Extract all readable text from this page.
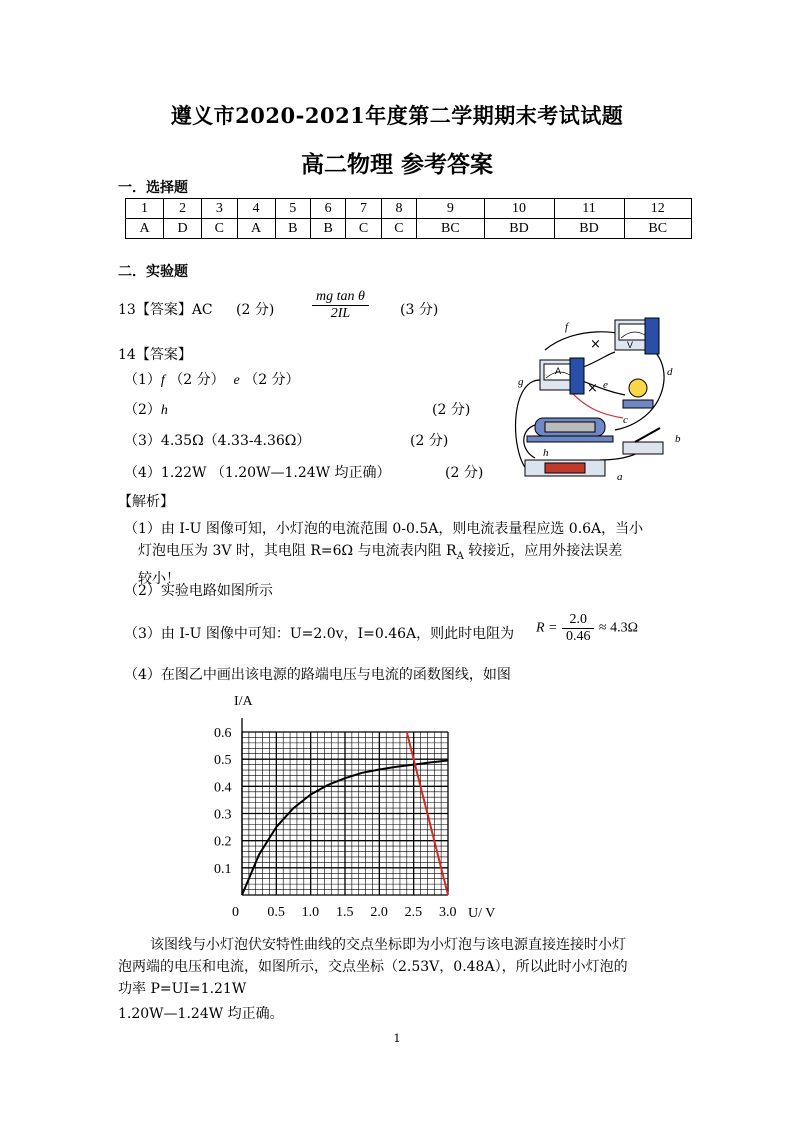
遵义市2020-2021年度第二学期期末考试试题
高二物理 参考答案
一．选择题
1	2	3	4	5	6	7	8	9	10	11	12
A	D	C	A	B	B	C	C	BC	BD	BD	BC
二．实验题
13【答案】AC (2 分)	$\frac{\text{mg tan θ}}{2IL} (3$ 分)
14【答案】
（1）f （2 分） e （2 分）
（2）h	(2 分)
（3）4.35Ω（4.33-4.36Ω）	(2 分)
（4）1.22W （1.20W—1.24W 均正确）	(2 分)
V
A
f
g
d
e
c
h
b
a
×
×
【解析】
（1）由 I-U 图像可知，小灯泡的电流范围 0-0.5A，则电流表量程应选 0.6A，当小
灯泡电压为 3V 时，其电阻 R=6Ω 与电流表内阻 $R_A$ 较接近，应用外接法误差
较小！
（2）实验电路如图所示
（3）由 I-U 图像中可知：U=2.0v，I=0.46A，则此时电阻为 $R = \frac{2.0}{0.46} \approx 4.3\Omega$
（4）在图乙中画出该电源的路端电压与电流的函数图线，如图
0 0.5 1.0 1.5 2.0 2.5 3.0
0.1
0.2
0.3
0.4
0.5
0.6
I/A
U/ V
该图线与小灯泡伏安特性曲线的交点坐标即为小灯泡与该电源直接连接时小灯
泡两端的电压和电流，如图所示，交点坐标（2.53V，0.48A），所以此时小灯泡的
功率 P=UI=1.21W
1.20W—1.24W 均正确。
1
